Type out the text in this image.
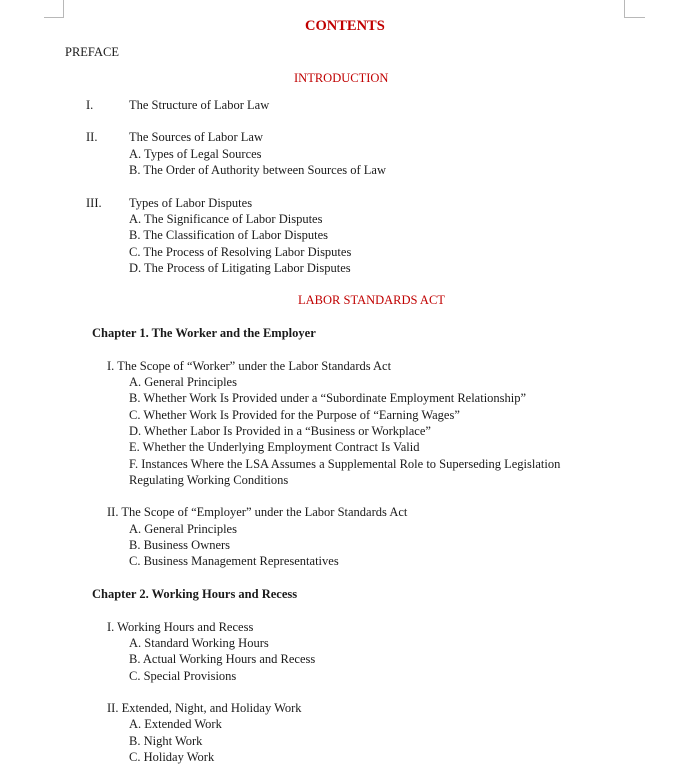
CONTENTS
PREFACE
INTRODUCTION
I.	The Structure of Labor Law
II.	The Sources of Labor Law
A. Types of Legal Sources
B. The Order of Authority between Sources of Law
III. Types of Labor Disputes
A. The Significance of Labor Disputes
B. The Classification of Labor Disputes
C. The Process of Resolving Labor Disputes
D. The Process of Litigating Labor Disputes
LABOR STANDARDS ACT
Chapter 1. The Worker and the Employer
I. The Scope of “Worker” under the Labor Standards Act
A. General Principles
B. Whether Work Is Provided under a “Subordinate Employment Relationship”
C. Whether Work Is Provided for the Purpose of “Earning Wages”
D. Whether Labor Is Provided in a “Business or Workplace”
E. Whether the Underlying Employment Contract Is Valid
F. Instances Where the LSA Assumes a Supplemental Role to Superseding Legislation
Regulating Working Conditions
II. The Scope of “Employer” under the Labor Standards Act
A. General Principles
B. Business Owners
C. Business Management Representatives
Chapter 2. Working Hours and Recess
I. Working Hours and Recess
A. Standard Working Hours
B. Actual Working Hours and Recess
C. Special Provisions
II. Extended, Night, and Holiday Work
A. Extended Work
B. Night Work
C. Holiday Work
